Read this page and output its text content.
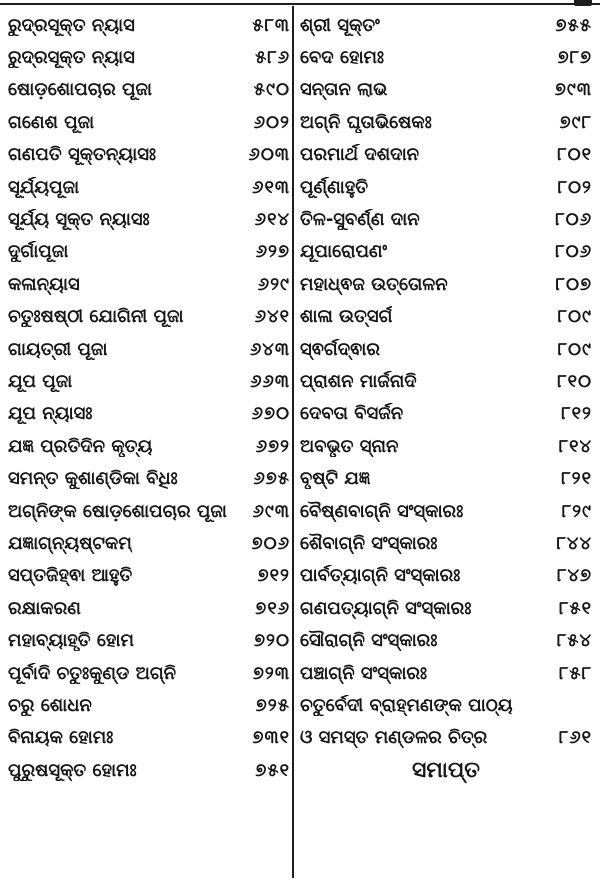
ରୁଦ୍ରସୂକ୍ତ ନ୍ୟାସ	୫୮୩
ରୁଦ୍ରସୂକ୍ତ ନ୍ୟାସ	୫୮୬
ଷୋଡ଼ଶୋପଚାର ପୂଜା	୫୯୦
ଗଣେଶ ପୂଜା	୬୦୨
ଗଣପତି ସୂକ୍ତନ୍ୟାସଃ	୬୦୩
ସୂର୍ଯ୍ୟପୂଜା	୬୧୩
ସୂର୍ଯ୍ୟ ସୂକ୍ତ ନ୍ୟାସଃ	୬୧୪
ଦୁର୍ଗାପୂଜା	୬୨୭
କଳାନ୍ୟାସ	୬୨୯
ଚତୁଃଷଷ୍ଠୀ ଯୋଗିନୀ ପୂଜା	୬୪୧
ଗାୟତ୍ରୀ ପୂଜା	୬୪୩
ଯୂପ ପୂଜା	୬୬୩
ଯୂପ ନ୍ୟାସଃ	୬୭୦
ଯଜ୍ଞ ପ୍ରତିଦିନ କୃତ୍ୟ	୬୭୨
ସମନ୍ତ କୁଶାଣ୍ଡିକା ବିଧିଃ	୬୭୫
ଅଗ୍ନିଙ୍କ ଷୋଡ଼ଶୋପଚାର ପୂଜା	୬୯୩
ଯଜ୍ଞାଗ୍ନ୍ୟଷ୍ଟକମ୍	୭୦୬
ସପ୍ତଜିହ୍ଵା ଆହୁତି	୭୧୨
ରକ୍ଷାକରଣ	୭୧୬
ମହାବ୍ୟାହୃତି ହୋମ	୭୨୦
ପୂର୍ବାଦି ଚତୁଃକୁଣ୍ଡ ଅଗ୍ନି	୭୨୩
ଚରୁ ଶୋଧନ	୭୨୫
ବିନାୟକ ହୋମଃ	୭୩୧
ପୁରୁଷସୂକ୍ତ ହୋମଃ	୭୫୧
ଶ୍ରୀ ସୂକ୍ତଂ	୭୫୫
ବେଦ ହୋମଃ	୭୮୭
ସନ୍ତାନ ଲାଭ	୭୯୩
ଅଗ୍ନି ଘୃତାଭିଷେକଃ	୭୯୮
ପରମାର୍ଥ ଦଶଦାନ	୮୦୧
ପୂର୍ଣ୍ଣାହୁତି	୮୦୨
ତିଳ-ସୁବର୍ଣ୍ଣ ଦାନ	୮୦୬
ଯୂପାରୋପଣଂ	୮୦୬
ମହାଧ୍ଵଜ ଉତ୍ତୋଳନ	୮୦୭
ଶାଳା ଉତ୍ସର୍ଗ	୮୦୯
ସ୍ଵର୍ଗଦ୍ଵାର	୮୦୯
ପ୍ରାଶନ ମାର୍ଜନାଦି	୮୧୦
ଦେବତା ବିସର୍ଜନ	୮୧୨
ଅବଭୃତ ସ୍ନାନ	୮୧୪
ବୃଷ୍ଟି ଯଜ୍ଞ	୮୨୧
ବୈଷ୍ଣବାଗ୍ନି ସଂସ୍କାରଃ	୮୨୯
ଶୈବାଗ୍ନି ସଂସ୍କାରଃ	୮୪୪
ପାର୍ବତ୍ୟାଗ୍ନି ସଂସ୍କାରଃ	୮୪୭
ଗଣପତ୍ୟାଗ୍ନି ସଂସ୍କାରଃ	୮୫୧
ସୌରାଗ୍ନି ସଂସ୍କାରଃ	୮୫୪
ପଞ୍ଚାଗ୍ନି ସଂସ୍କାରଃ	୮୫୮
ଚତୁର୍ବେଦୀ ବ୍ରାହ୍ମଣଙ୍କ ପାଠ୍ୟ
ଓ ସମସ୍ତ ମଣ୍ଡଳର ଚିତ୍ର	୮୬୧
ସମାପ୍ତ
